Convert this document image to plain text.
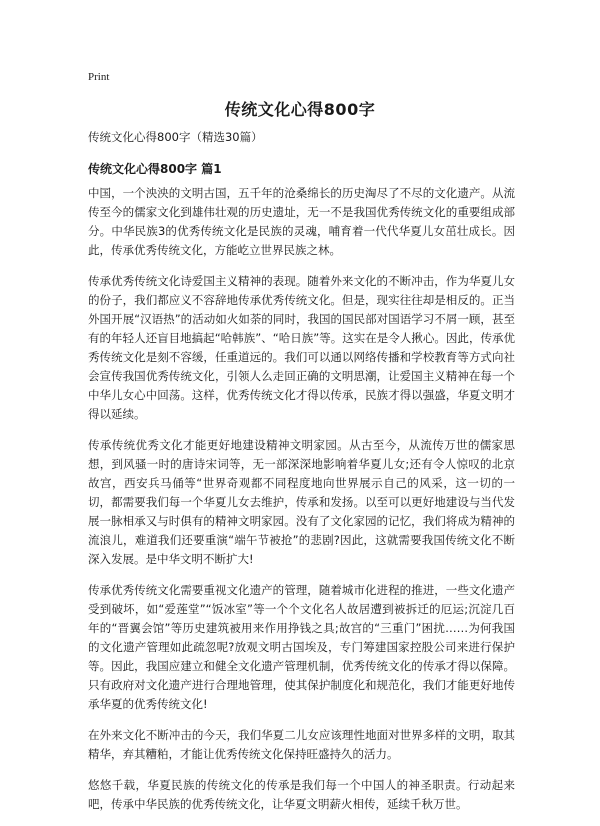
Print
传统文化心得800字
传统文化心得800字（精选30篇）
传统文化心得800字 篇1

中国，一个泱泱的文明古国，五千年的沧桑绵长的历史淘尽了不尽的文化遗产。从流传至今的儒家文化到雄伟壮观的历史遗址，无一不是我国优秀传统文化的重要组成部分。中华民族3的优秀传统文化是民族的灵魂，哺育着一代代华夏儿女茁壮成长。因此，传承优秀传统文化，方能屹立世界民族之林。

传承优秀传统文化诗爱国主义精神的表现。随着外来文化的不断冲击，作为华夏儿女的份子，我们都应义不容辞地传承优秀传统文化。但是，现实往往却是相反的。正当外国开展“汉语热”的活动如火如荼的同时，我国的国民部对国语学习不屑一顾，甚至有的年轻人还盲目地搞起“哈韩族”、“哈日族”等。这实在是令人揪心。因此，传承优秀传统文化是刻不容缓，任重道远的。我们可以通以网络传播和学校教育等方式向社会宣传我国优秀传统文化，引领人么走回正确的文明思潮，让爱国主义精神在每一个中华儿女心中回荡。这样，优秀传统文化才得以传承，民族才得以强盛，华夏文明才得以延续。

传承传统优秀文化才能更好地建设精神文明家园。从古至今，从流传万世的儒家思想，到风骚一时的唐诗宋词等，无一部深深地影响着华夏儿女;还有令人惊叹的北京故宫，西安兵马俑等“世界奇观都不同程度地向世界展示自己的风采，这一切的一切，都需要我们每一个华夏儿女去维护，传承和发扬。以至可以更好地建设与当代发展一脉相承又与时俱有的精神文明家园。没有了文化家园的记忆，我们将成为精神的流浪儿，难道我们还要重演“端午节被抢”的悲剧?因此，这就需要我国传统文化不断深入发展。是中华文明不断扩大!

传承优秀传统文化需要重视文化遗产的管理，随着城市化进程的推进，一些文化遗产受到破坏，如“爱莲堂”“饭冰室”等一个个文化名人故居遭到被拆迁的厄运;沉淀几百年的“晋翼会馆”等历史建筑被用来作用挣钱之具;故宫的“三重门”困扰……为何我国的文化遗产管理如此疏忽呢?放观文明古国埃及，专门筹建国家控股公司来进行保护等。因此，我国应建立和健全文化遗产管理机制，优秀传统文化的传承才得以保障。只有政府对文化遗产进行合理地管理，使其保护制度化和规范化，我们才能更好地传承华夏的优秀传统文化!

在外来文化不断冲击的今天，我们华夏二儿女应该理性地面对世界多样的文明，取其精华，弃其糟粕，才能让优秀传统文化保持旺盛持久的活力。

悠悠千载，华夏民族的传统文化的传承是我们每一个中国人的神圣职责。行动起来吧，传承中华民族的优秀传统文化，让华夏文明薪火相传，延续千秋万世。
